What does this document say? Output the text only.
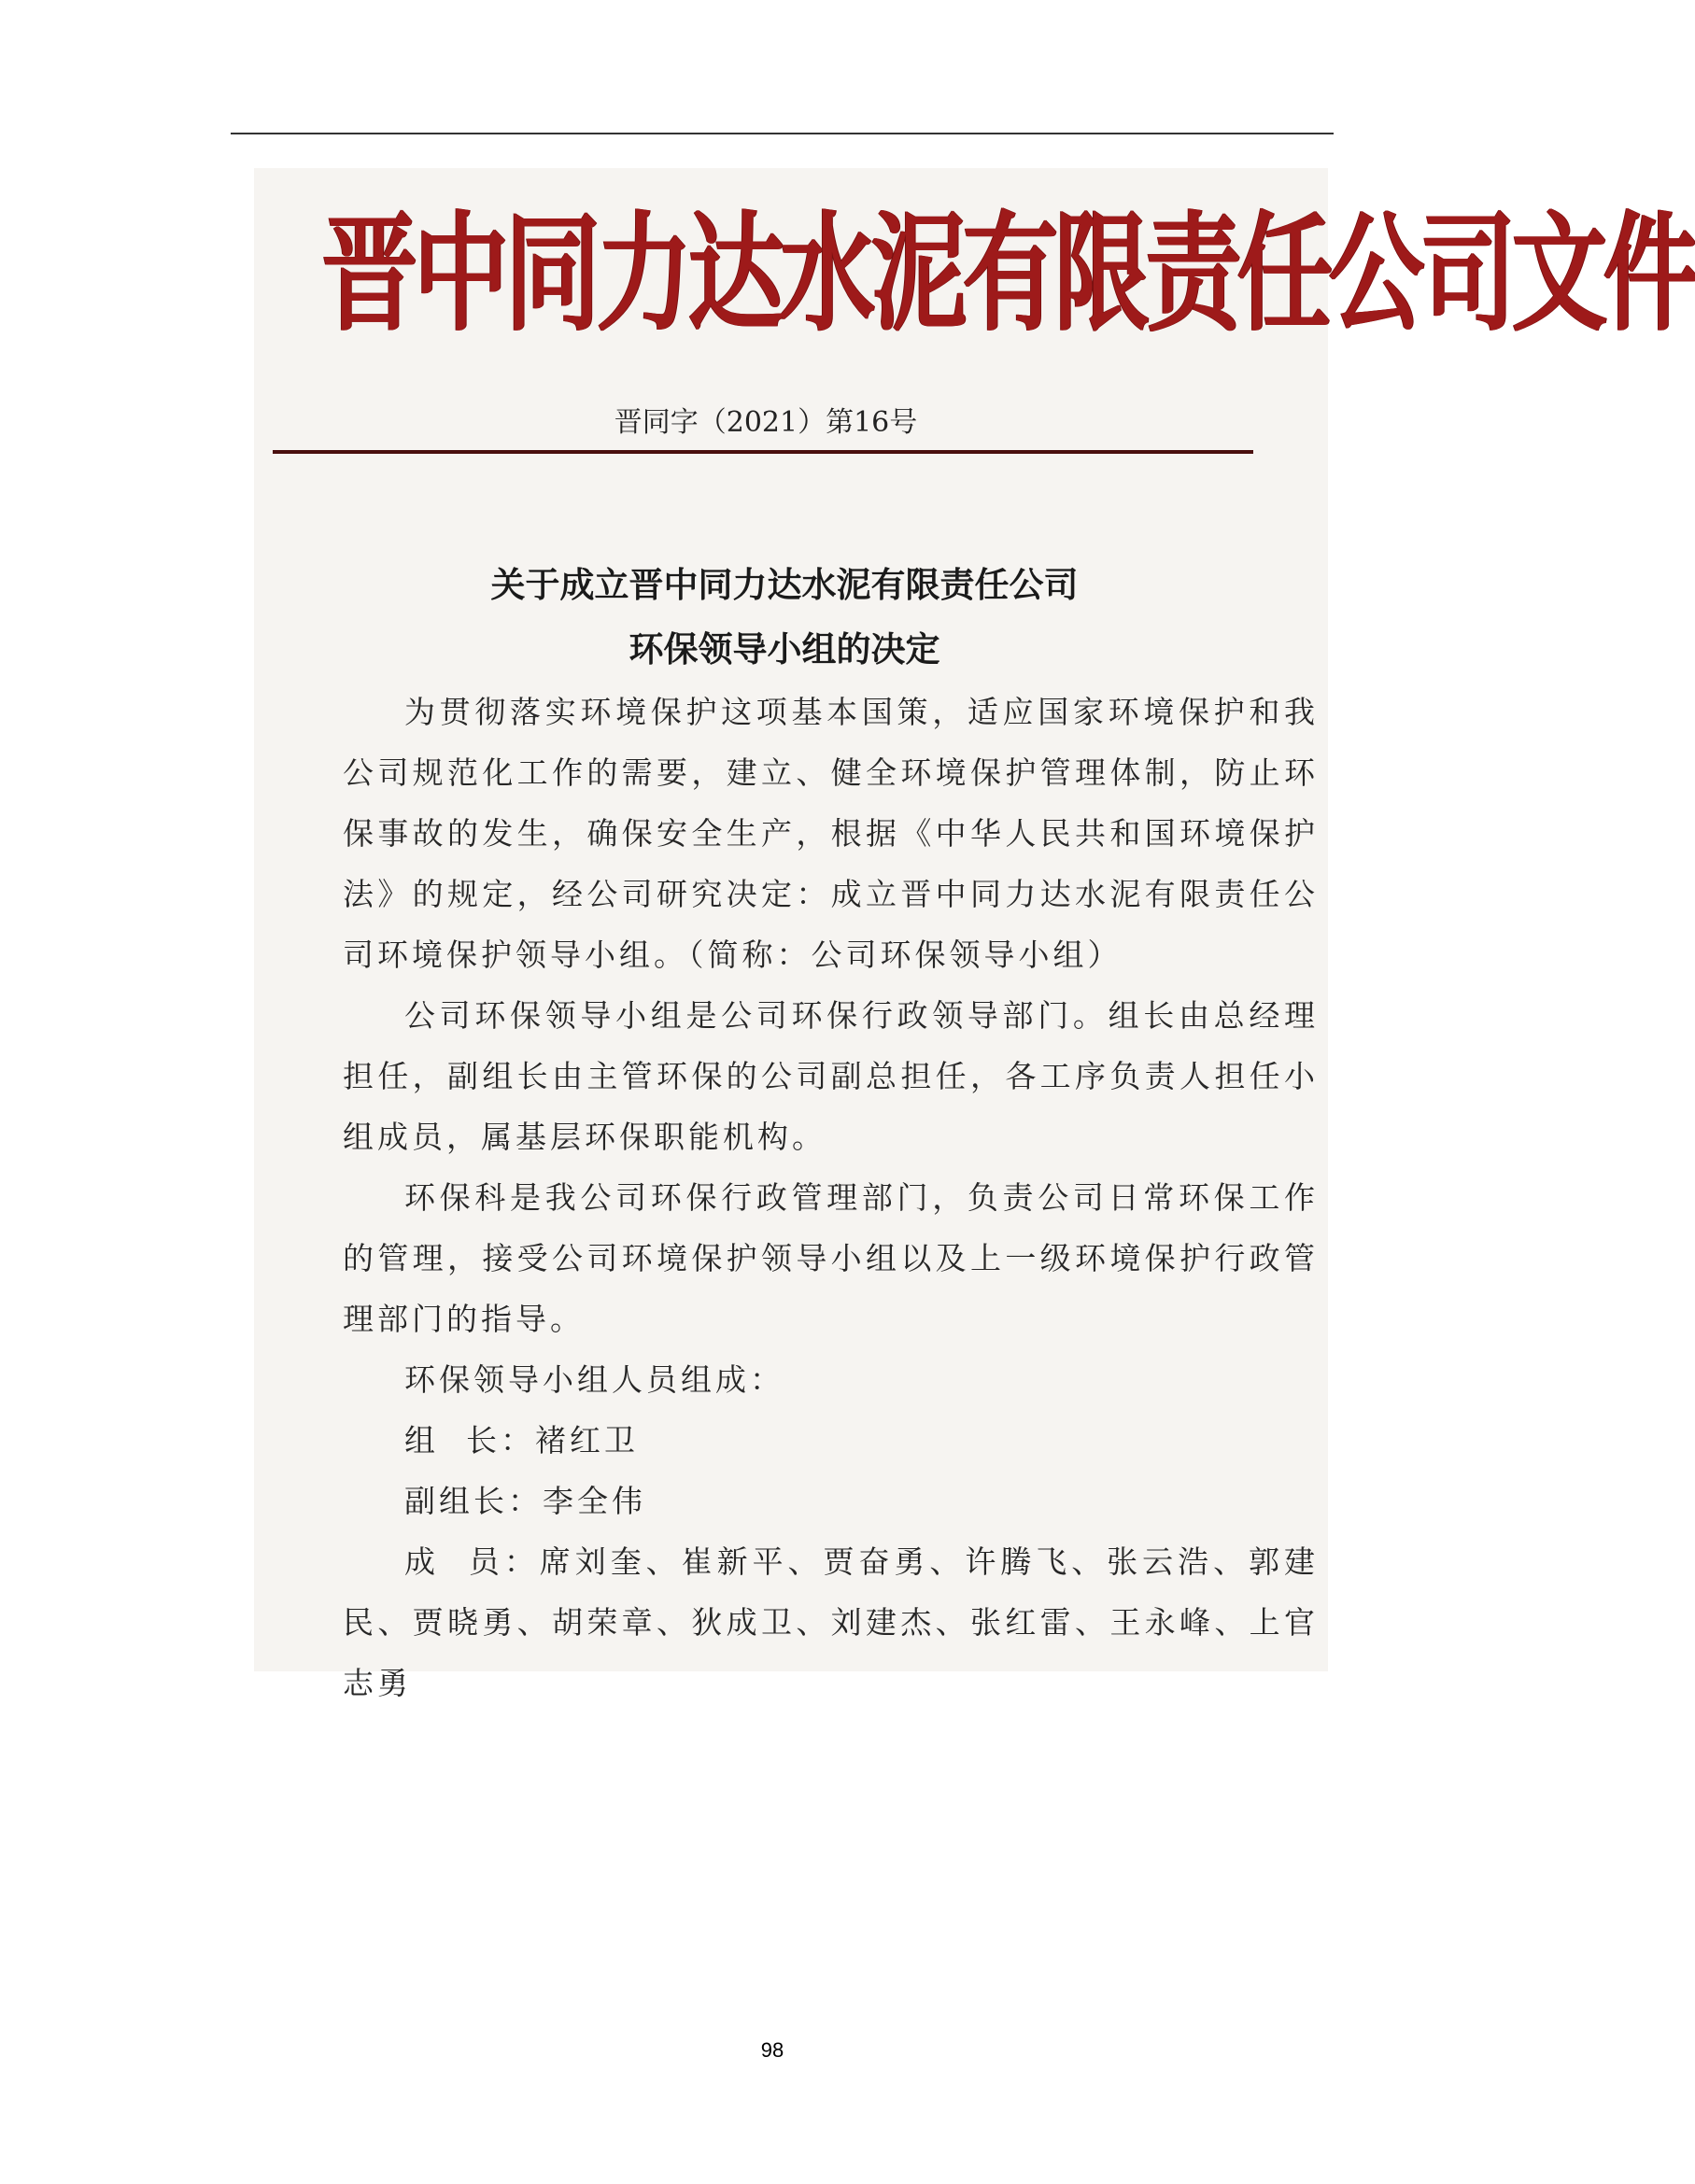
晋中同力达水泥有限责任公司文件
晋同字（2021）第16号
关于成立晋中同力达水泥有限责任公司
环保领导小组的决定

为贯彻落实环境保护这项基本国策，适应国家环境保护和我公司规范化工作的需要，建立、健全环境保护管理体制，防止环保事故的发生，确保安全生产，根据《中华人民共和国环境保护法》的规定，经公司研究决定：成立晋中同力达水泥有限责任公司环境保护领导小组。（简称：公司环保领导小组）

公司环保领导小组是公司环保行政领导部门。组长由总经理担任，副组长由主管环保的公司副总担任，各工序负责人担任小组成员，属基层环保职能机构。

环保科是我公司环保行政管理部门，负责公司日常环保工作的管理，接受公司环境保护领导小组以及上一级环境保护行政管理部门的指导。

环保领导小组人员组成：

组  长：褚红卫

副组长：李全伟

成  员：席刘奎、崔新平、贾奋勇、许腾飞、张云浩、郭建民、贾晓勇、胡荣章、狄成卫、刘建杰、张红雷、王永峰、上官志勇

98
